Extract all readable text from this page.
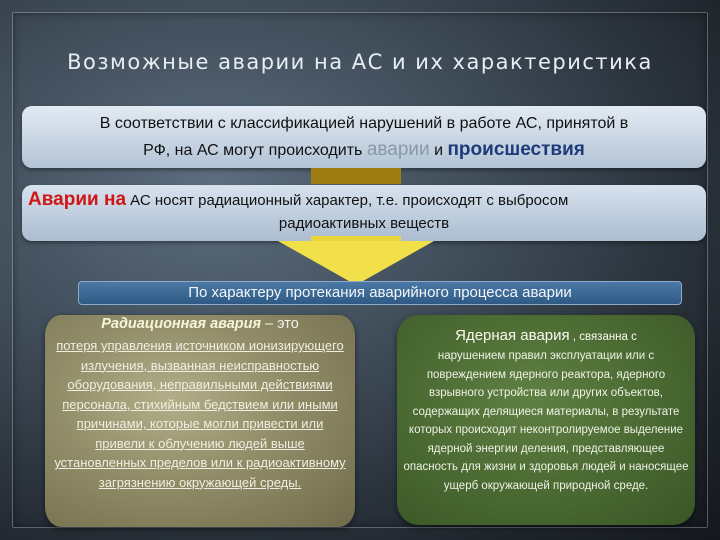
Возможные аварии на АС и их характеристика
В соответствии с классификацией нарушений в работе АС, принятой в
РФ, на АС могут происходить аварии и происшествия
Аварии на АС носят радиационный характер, т.е. происходят с выбросом
радиоактивных веществ
По характеру протекания аварийного процесса аварии
Радиационная авария – это
потеря управления источником ионизирующего излучения, вызванная неисправностью оборудования, неправильными действиями персонала, стихийным бедствием или иными причинами, которые могли привести или привели к облучению людей выше установленных пределов или к радиоактивному загрязнению окружающей среды.
Ядерная авария , связанна с
нарушением правил эксплуатации или с повреждением ядерного реактора, ядерного взрывного устройства или других объектов, содержащих делящиеся материалы, в результате которых происходит неконтролируемое выделение ядерной энергии деления, представляющее опасность для жизни и здоровья людей и наносящее ущерб окружающей природной среде.
